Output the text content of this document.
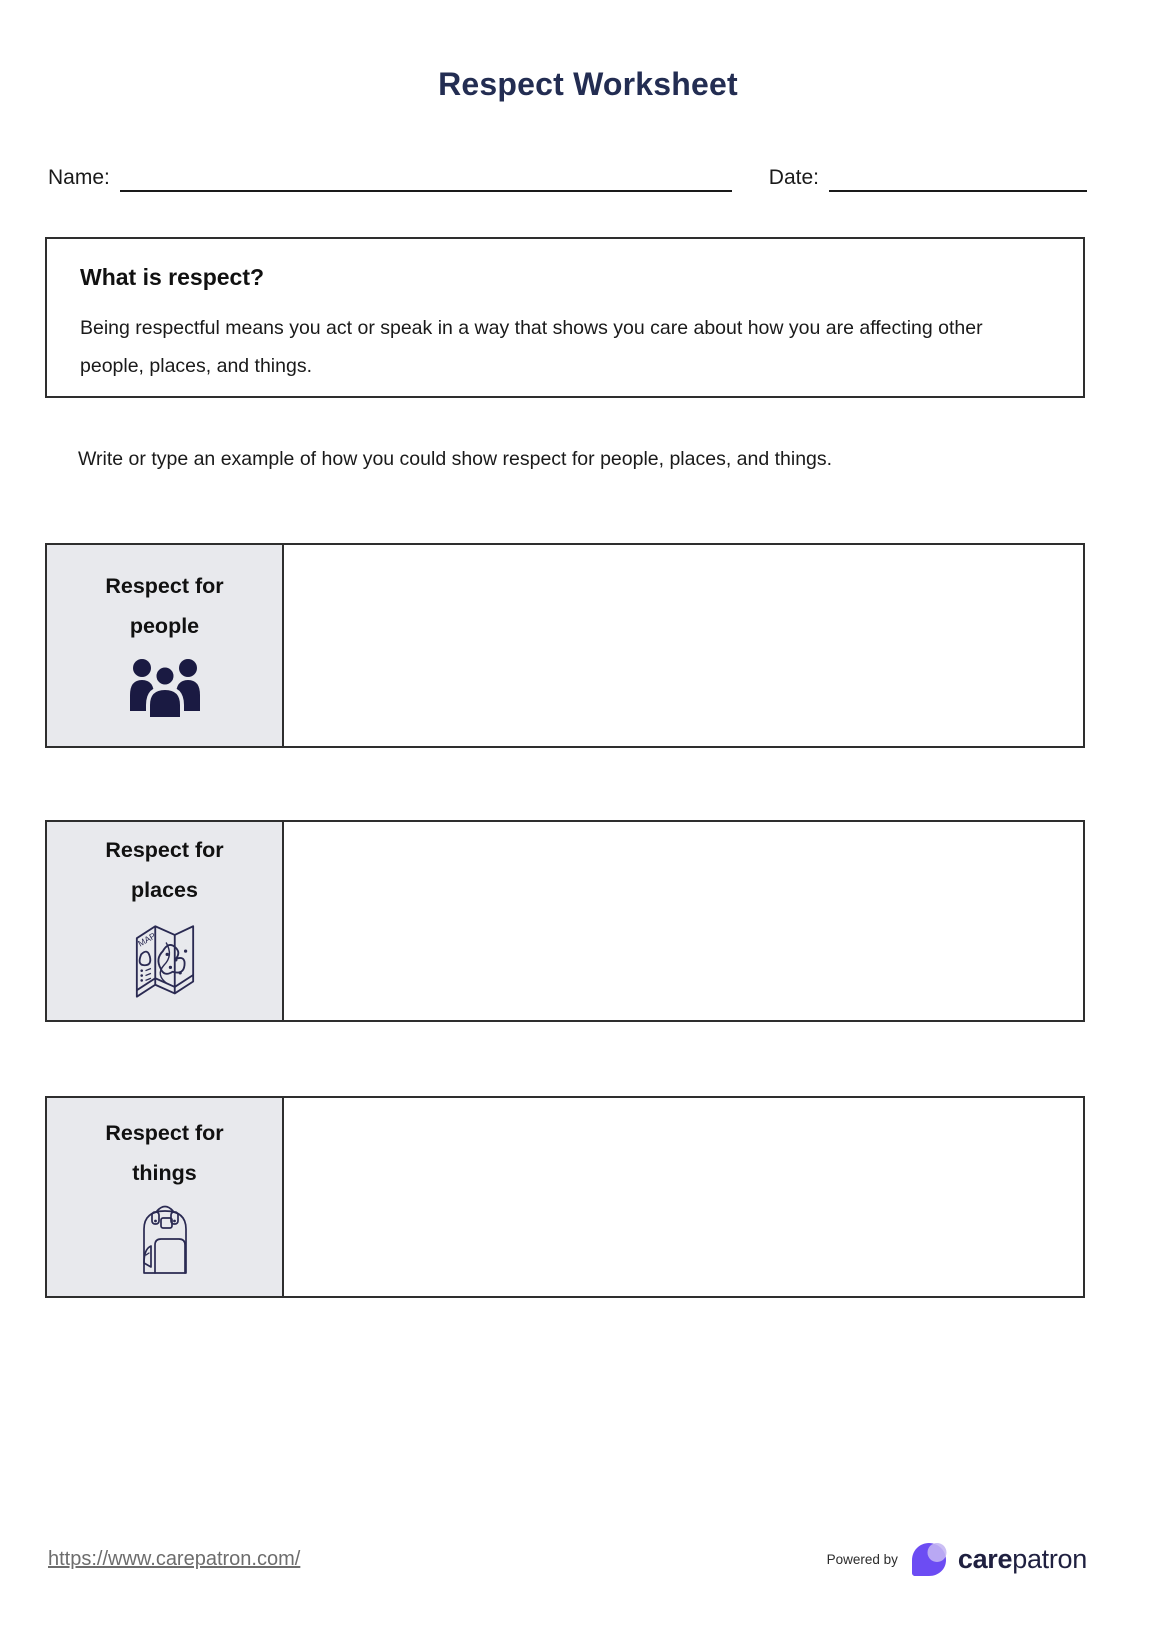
Respect Worksheet
Name:	Date:
What is respect?
Being respectful means you act or speak in a way that shows you care about how you are affecting other people, places, and things.
Write or type an example of how you could show respect for people, places, and things.
Respect for
people
Respect for
places
MAP
Respect for
things
https://www.carepatron.com/	Powered by carepatron
